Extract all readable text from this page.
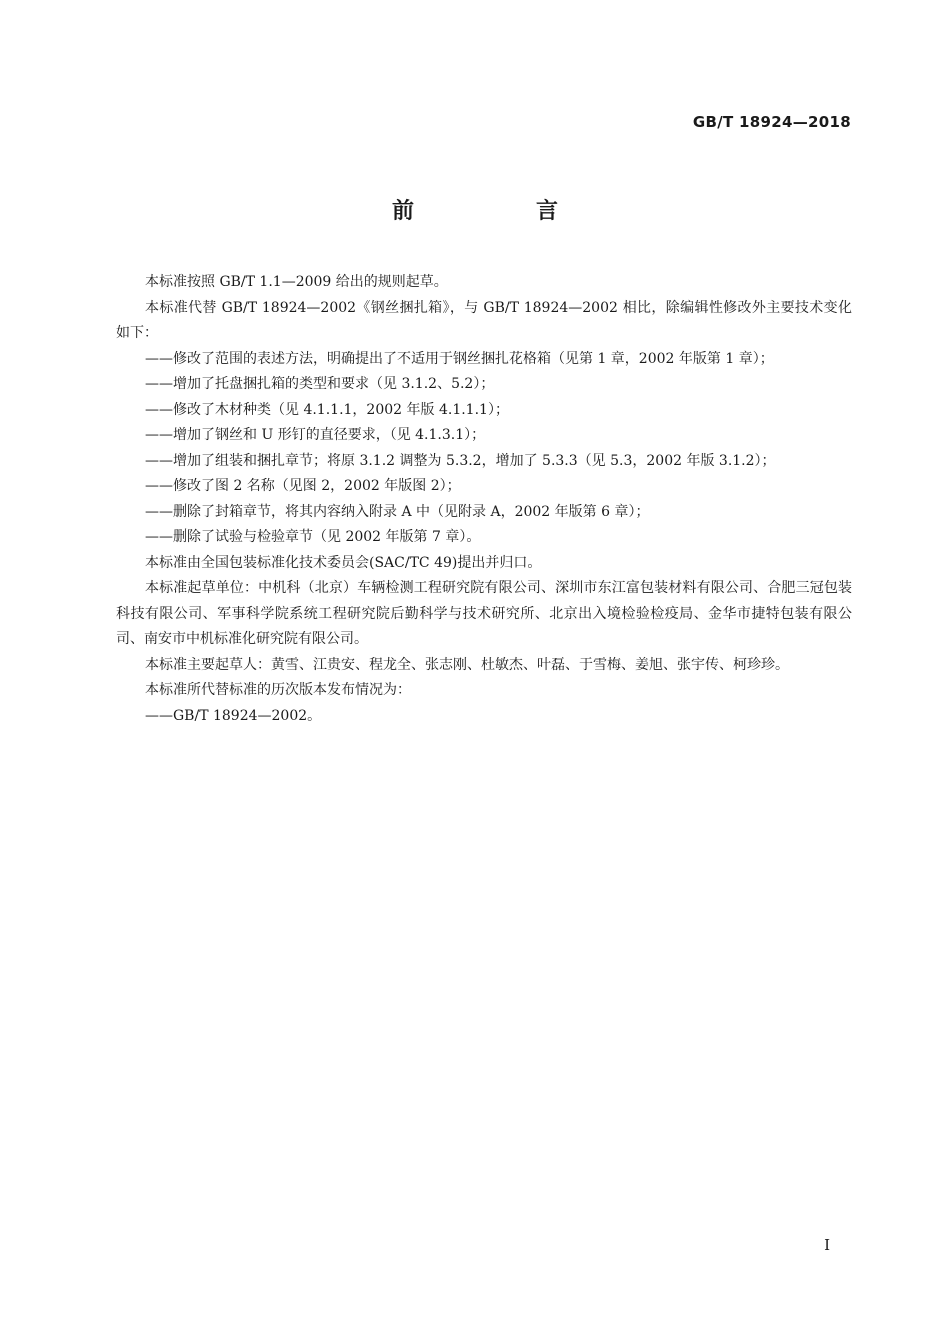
GB/T 18924—2018
前　言

本标准按照 GB/T 1.1—2009 给出的规则起草。

本标准代替 GB/T 18924—2002《钢丝捆扎箱》，与 GB/T 18924—2002 相比，除编辑性修改外主要技术变化如下：

——修改了范围的表述方法，明确提出了不适用于钢丝捆扎花格箱（见第 1 章，2002 年版第 1 章）；

——增加了托盘捆扎箱的类型和要求（见 3.1.2、5.2）；

——修改了木材种类（见 4.1.1.1，2002 年版 4.1.1.1）；

——增加了钢丝和 U 形钉的直径要求，（见 4.1.3.1）；

——增加了组装和捆扎章节；将原 3.1.2 调整为 5.3.2，增加了 5.3.3（见 5.3，2002 年版 3.1.2）；

——修改了图 2 名称（见图 2，2002 年版图 2）；

——删除了封箱章节，将其内容纳入附录 A 中（见附录 A，2002 年版第 6 章）；

——删除了试验与检验章节（见 2002 年版第 7 章）。

本标准由全国包装标准化技术委员会(SAC/TC 49)提出并归口。

本标准起草单位：中机科（北京）车辆检测工程研究院有限公司、深圳市东江富包装材料有限公司、合肥三冠包装科技有限公司、军事科学院系统工程研究院后勤科学与技术研究所、北京出入境检验检疫局、金华市捷特包装有限公司、南安市中机标准化研究院有限公司。

本标准主要起草人：黄雪、江贵安、程龙全、张志刚、杜敏杰、叶磊、于雪梅、姜旭、张宇传、柯珍珍。

本标准所代替标准的历次版本发布情况为：

——GB/T 18924—2002。

I
